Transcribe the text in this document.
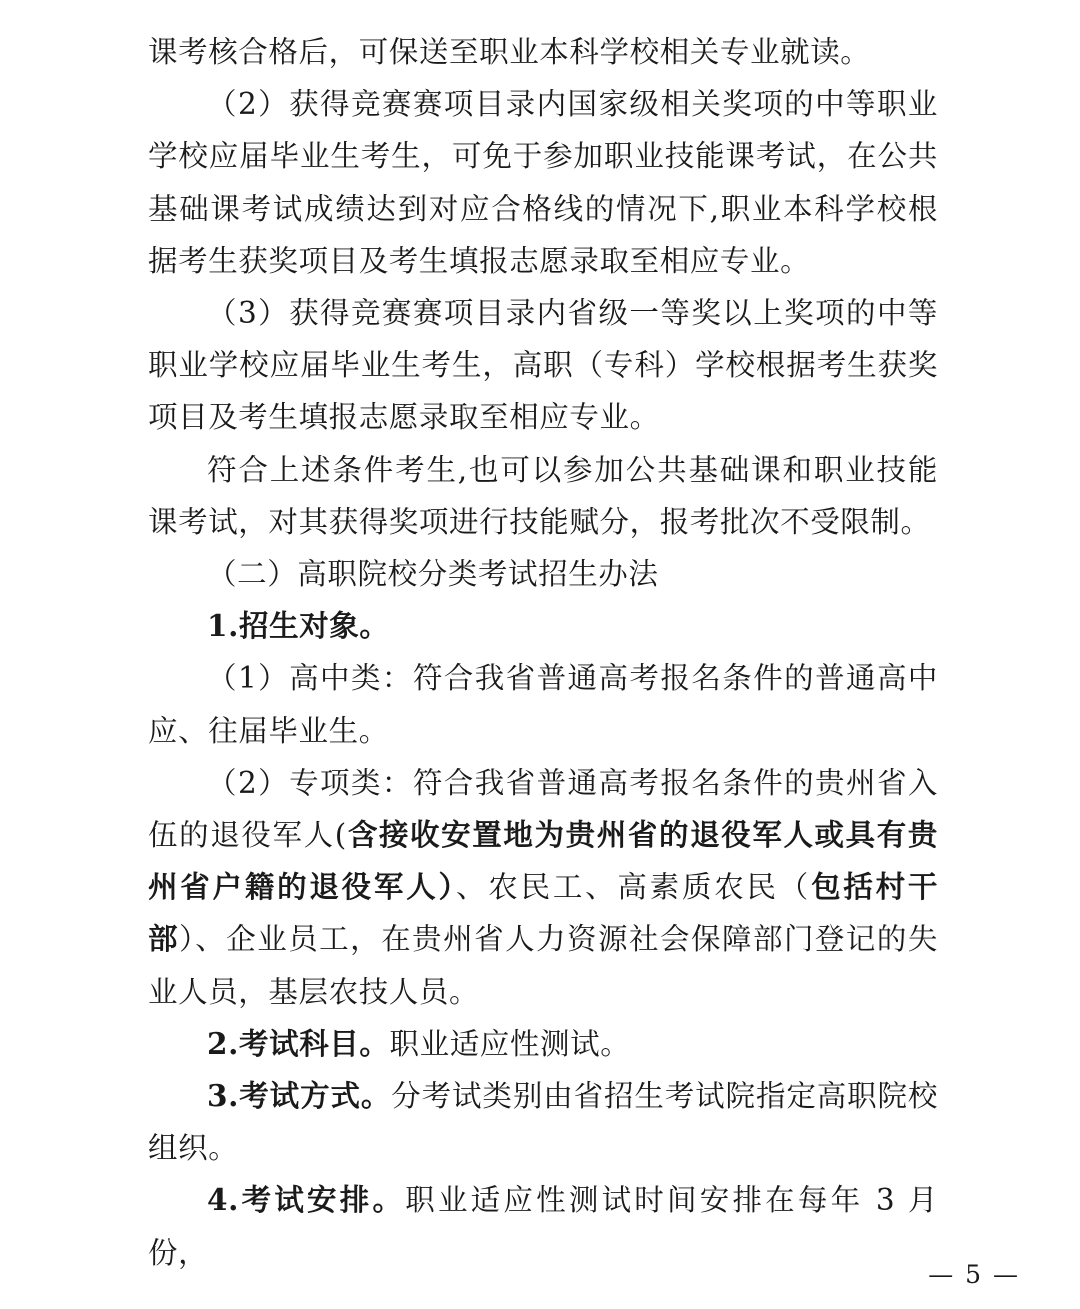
课考核合格后，可保送至职业本科学校相关专业就读。

（2）获得竞赛赛项目录内国家级相关奖项的中等职业学校应届毕业生考生，可免于参加职业技能课考试，在公共基础课考试成绩达到对应合格线的情况下,职业本科学校根据考生获奖项目及考生填报志愿录取至相应专业。

（3）获得竞赛赛项目录内省级一等奖以上奖项的中等职业学校应届毕业生考生，高职（专科）学校根据考生获奖项目及考生填报志愿录取至相应专业。

符合上述条件考生,也可以参加公共基础课和职业技能课考试，对其获得奖项进行技能赋分，报考批次不受限制。

（二）高职院校分类考试招生办法

1.招生对象。

（1）高中类：符合我省普通高考报名条件的普通高中应、往届毕业生。

（2）专项类：符合我省普通高考报名条件的贵州省入伍的退役军人(含接收安置地为贵州省的退役军人或具有贵州省户籍的退役军人）、农民工、高素质农民（包括村干部）、企业员工，在贵州省人力资源社会保障部门登记的失业人员，基层农技人员。

2.考试科目。职业适应性测试。

3.考试方式。分考试类别由省招生考试院指定高职院校组织。

4.考试安排。职业适应性测试时间安排在每年 3 月份，

— 5 —
